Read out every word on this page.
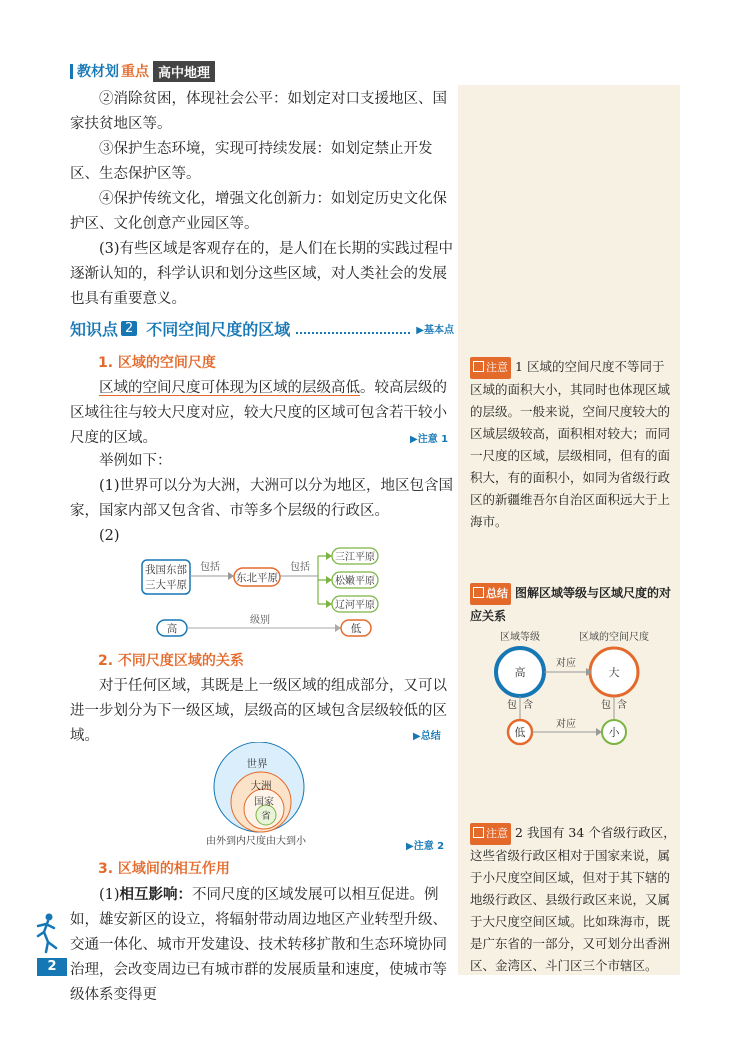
教材划 重点 高中地理

②消除贫困，体现社会公平：如划定对口支援地区、国家扶贫地区等。

③保护生态环境，实现可持续发展：如划定禁止开发区、生态保护区等。

④保护传统文化，增强文化创新力：如划定历史文化保护区、文化创意产业园区等。

(3)有些区域是客观存在的，是人们在长期的实践过程中逐渐认知的，科学认识和划分这些区域，对人类社会的发展也具有重要意义。

知识点 2 不同空间尺度的区域	▶基本点
1. 区域的空间尺度

区域的空间尺度可体现为区域的层级高低。较高层级的区域往往与较大尺度对应，较大尺度的区域可包含若干较小尺度的区域。	▶注意 1

举例如下：

(1)世界可以分为大洲，大洲可以分为地区，地区包含国家，国家内部又包含省、市等多个层级的行政区。

(2)

我国东部
三大平原
包括
东北平原
包括
三江平原
松嫩平原
辽河平原
高
级别
低
2. 不同尺度区域的关系

对于任何区域，其既是上一级区域的组成部分，又可以进一步划分为下一级区域，层级高的区域包含层级较低的区域。	▶总结
世界
大洲
国家
省
由外到内尺度由大到小	▶注意 2
3. 区域间的相互作用

(1)相互影响：不同尺度的区域发展可以相互促进。例如，雄安新区的设立，将辐射带动周边地区产业转型升级、交通一体化、城市开发建设、技术转移扩散和生态环境协同治理，会改变周边已有城市群的发展质量和速度，使城市等级体系变得更

2

注意 1 区域的空间尺度不等同于区域的面积大小，其同时也体现区域的层级。一般来说，空间尺度较大的区域层级较高，面积相对较大；而同一尺度的区域，层级相同，但有的面积大，有的面积小，如同为省级行政区的新疆维吾尔自治区面积远大于上海市。

总结 图解区域等级与区域尺度的对应关系

区域等级	区域的空间尺度
高	大
对应
包 含	包 含
低	小
对应

注意 2 我国有 34 个省级行政区，这些省级行政区相对于国家来说，属于小尺度空间区域，但对于其下辖的地级行政区、县级行政区来说，又属于大尺度空间区域。比如珠海市，既是广东省的一部分，又可划分出香洲区、金湾区、斗门区三个市辖区。
